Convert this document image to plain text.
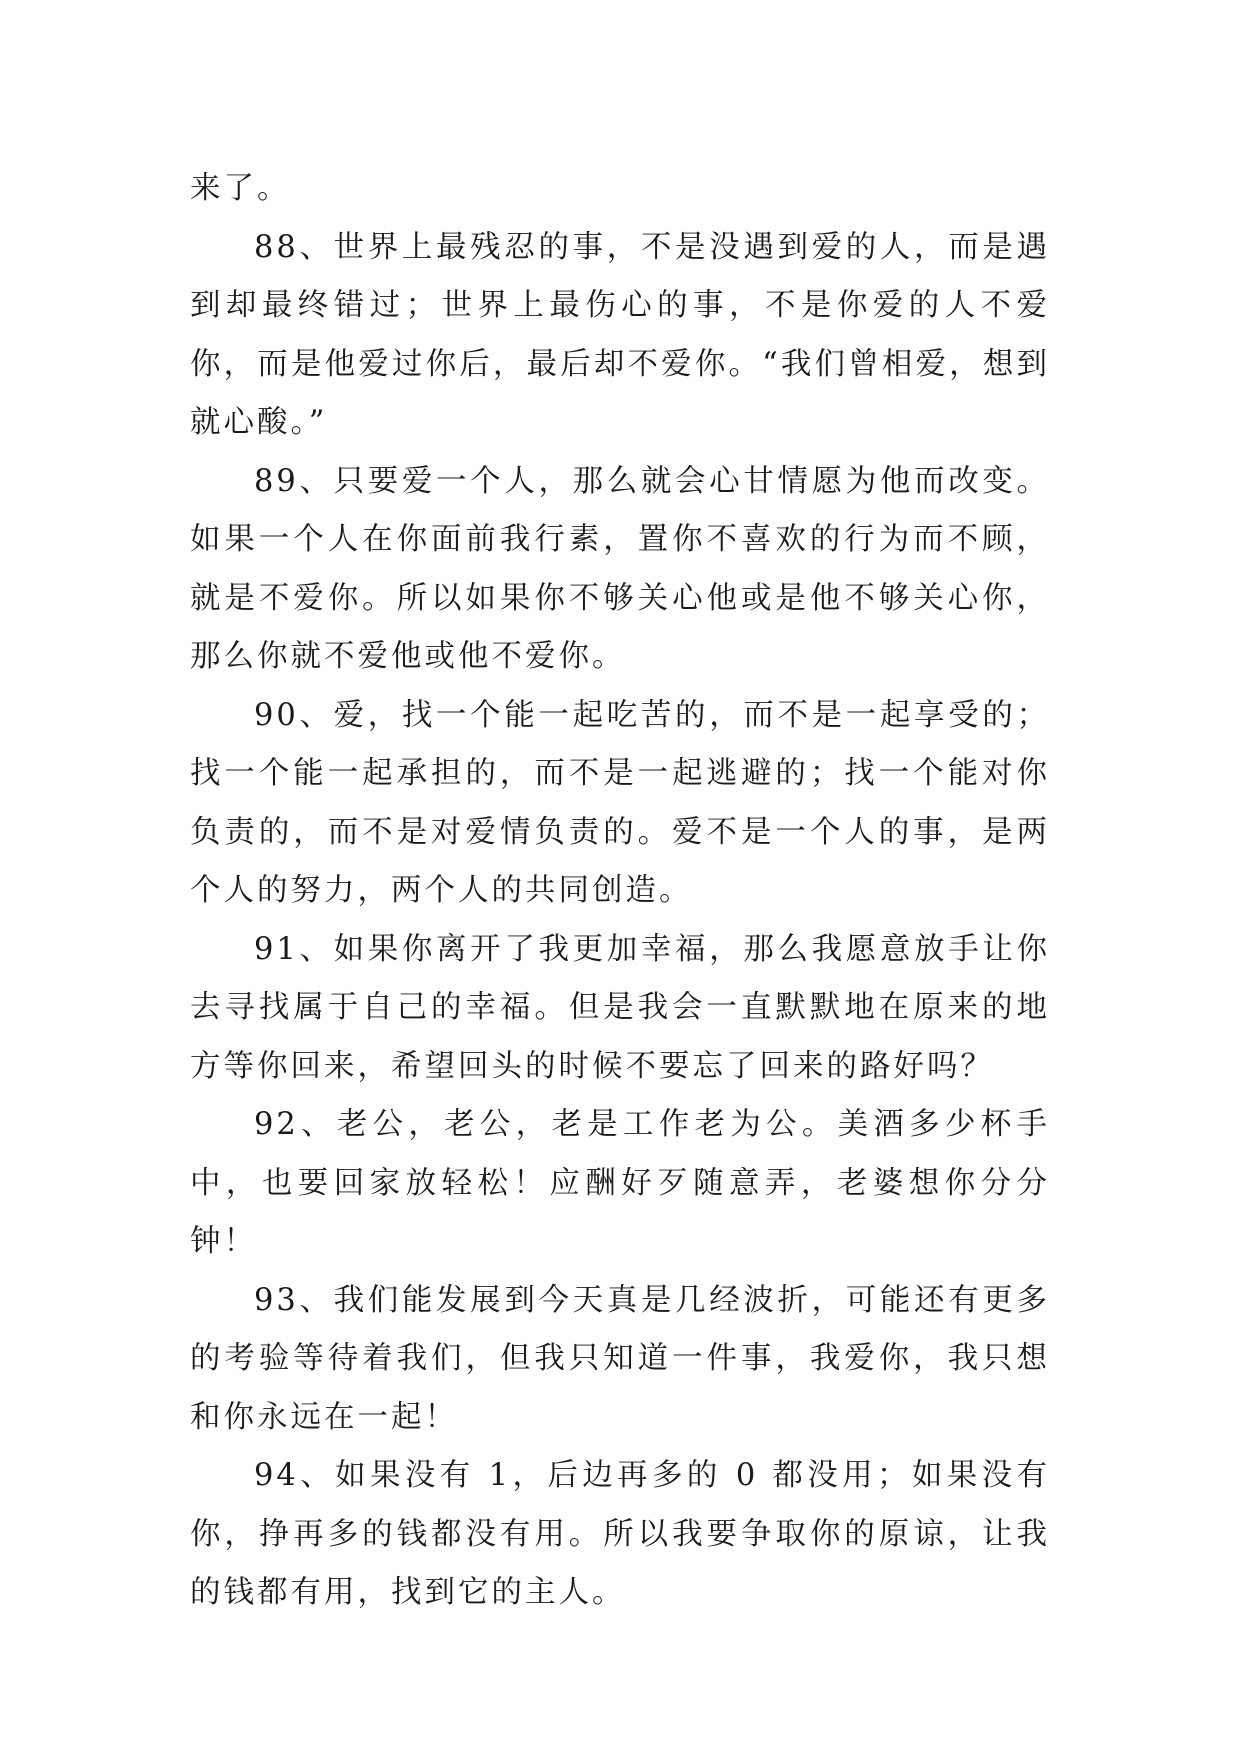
来了。

88、世界上最残忍的事，不是没遇到爱的人，而是遇到却最终错过；世界上最伤心的事，不是你爱的人不爱你，而是他爱过你后，最后却不爱你。“我们曾相爱，想到就心酸。”

89、只要爱一个人，那么就会心甘情愿为他而改变。如果一个人在你面前我行素，置你不喜欢的行为而不顾，就是不爱你。所以如果你不够关心他或是他不够关心你，那么你就不爱他或他不爱你。

90、爱，找一个能一起吃苦的，而不是一起享受的；找一个能一起承担的，而不是一起逃避的；找一个能对你负责的，而不是对爱情负责的。爱不是一个人的事，是两个人的努力，两个人的共同创造。

91、如果你离开了我更加幸福，那么我愿意放手让你去寻找属于自己的幸福。但是我会一直默默地在原来的地方等你回来，希望回头的时候不要忘了回来的路好吗？

92、老公，老公，老是工作老为公。美酒多少杯手中，也要回家放轻松！应酬好歹随意弄，老婆想你分分钟！

93、我们能发展到今天真是几经波折，可能还有更多的考验等待着我们，但我只知道一件事，我爱你，我只想和你永远在一起！

94、如果没有 1，后边再多的 0 都没用；如果没有你，挣再多的钱都没有用。所以我要争取你的原谅，让我的钱都有用，找到它的主人。
